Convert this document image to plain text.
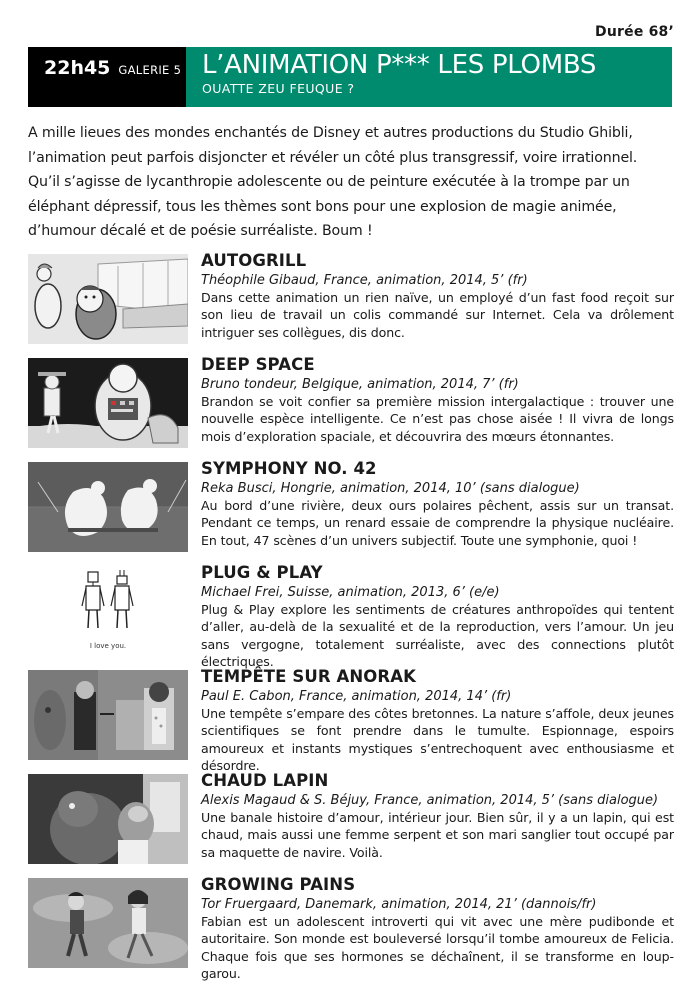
Durée 68’
22h45 GALERIE 5 L’ANIMATION P*** LES PLOMBS
OUATTE ZEU FEUQUE ?

A mille lieues des mondes enchantés de Disney et autres productions du Studio Ghibli, l’animation peut parfois disjoncter et révéler un côté plus transgressif, voire irrationnel.

Qu’il s’agisse de lycanthropie adolescente ou de peinture exécutée à la trompe par un éléphant dépressif, tous les thèmes sont bons pour une explosion de magie animée, d’humour décalé et de poésie surréaliste. Boum !

AUTOGRILL
Théophile Gibaud, France, animation, 2014, 5’ (fr)
Dans cette animation un rien naïve, un employé d’un fast food reçoit sur son lieu de travail un colis commandé sur Internet. Cela va drôlement intriguer ses collègues, dis donc.
DEEP SPACE
Bruno tondeur, Belgique, animation, 2014, 7’ (fr)
Brandon se voit confier sa première mission intergalactique : trouver une nouvelle espèce intelligente. Ce n’est pas chose aisée ! Il vivra de longs mois d’exploration spaciale, et découvrira des mœurs étonnantes.
SYMPHONY NO. 42
Reka Busci, Hongrie, animation, 2014, 10’ (sans dialogue)
Au bord d’une rivière, deux ours polaires pêchent, assis sur un transat. Pendant ce temps, un renard essaie de comprendre la physique nucléaire. En tout, 47 scènes d’un univers subjectif. Toute une symphonie, quoi !
I love you.
PLUG & PLAY
Michael Frei, Suisse, animation, 2013, 6’ (e/e)
Plug & Play explore les sentiments de créatures anthropoïdes qui tentent d’aller, au-delà de la sexualité et de la reproduction, vers l’amour. Un jeu sans vergogne, totalement surréaliste, avec des connections plutôt électriques.
TEMPÊTE SUR ANORAK
Paul E. Cabon, France, animation, 2014, 14’ (fr)
Une tempête s’empare des côtes bretonnes. La nature s’affole, deux jeunes scientifiques se font prendre dans le tumulte. Espionnage, espoirs amoureux et instants mystiques s’entrechoquent avec enthousiasme et désordre.
CHAUD LAPIN
Alexis Magaud & S. Béjuy, France, animation, 2014, 5’ (sans dialogue)
Une banale histoire d’amour, intérieur jour. Bien sûr, il y a un lapin, qui est chaud, mais aussi une femme serpent et son mari sanglier tout occupé par sa maquette de navire. Voilà.
GROWING PAINS
Tor Fruergaard, Danemark, animation, 2014, 21’ (dannois/fr)
Fabian est un adolescent introverti qui vit avec une mère pudibonde et autoritaire. Son monde est bouleversé lorsqu’il tombe amoureux de Felicia. Chaque fois que ses hormones se déchaînent, il se transforme en loup-garou.
